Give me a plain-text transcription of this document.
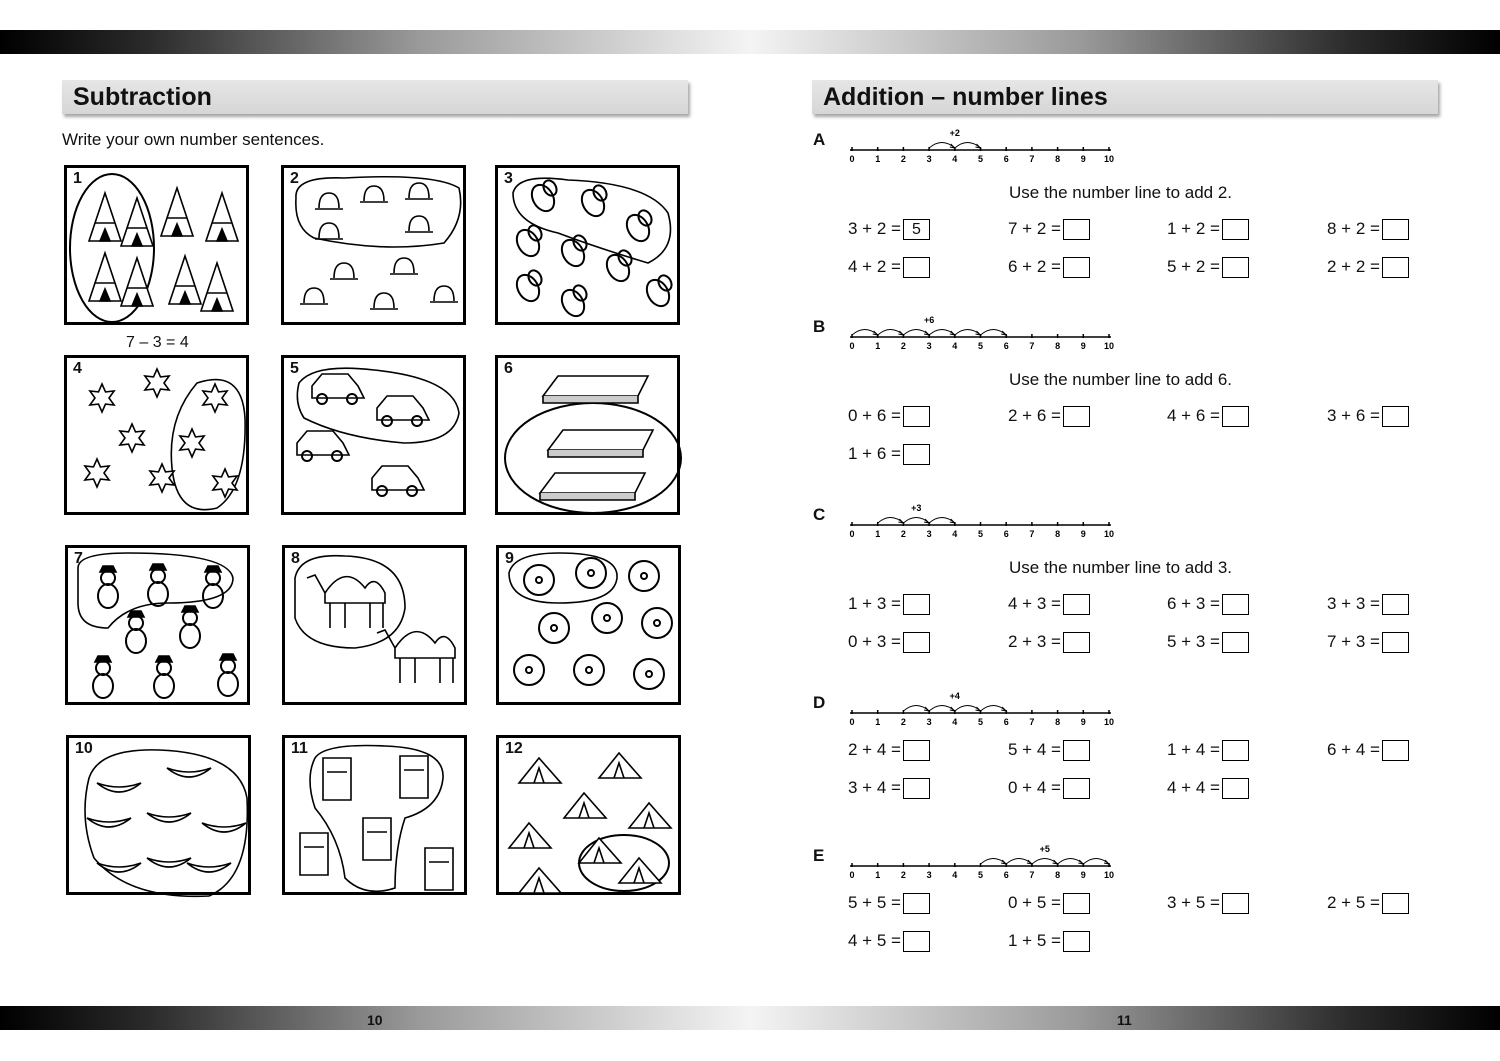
10	11
Subtraction
Write your own number sentences.
7 – 3 = 4
1	2	3
4	5	6
7	8	9
10	11	12
Addition – number lines
A
0 1 2 3 4 5 6 7 8 9 10
+2
Use the number line to add 2.
3 + 2 = 5	7 + 2 =	1 + 2 =	8 + 2 =
4 + 2 =	6 + 2 =	5 + 2 =	2 + 2 =
B
0 1 2 3 4 5 6 7 8 9 10
+6
Use the number line to add 6.
0 + 6 =	2 + 6 =	4 + 6 =	3 + 6 =
1 + 6 =
C
0 1 2 3 4 5 6 7 8 9 10
+3
Use the number line to add 3.
1 + 3 =	4 + 3 =	6 + 3 =	3 + 3 =
0 + 3 =	2 + 3 =	5 + 3 =	7 + 3 =
D
0 1 2 3 4 5 6 7 8 9 10
+4
2 + 4 =	5 + 4 =	1 + 4 =	6 + 4 =
3 + 4 =	0 + 4 =	4 + 4 =
E
0 1 2 3 4 5 6 7 8 9 10
+5
5 + 5 =	0 + 5 =	3 + 5 =	2 + 5 =
4 + 5 =	1 + 5 =
